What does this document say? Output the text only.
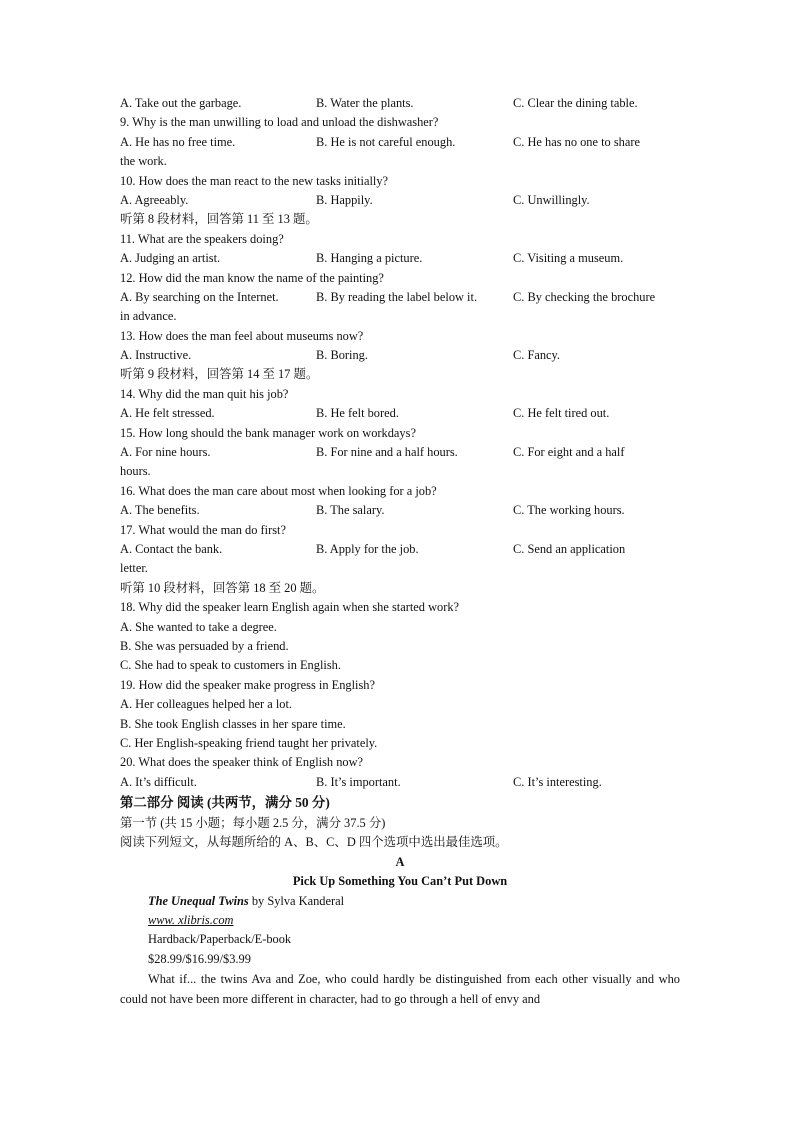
A. Take out the garbage.	B. Water the plants.	C. Clear the dining table.
9. Why is the man unwilling to load and unload the dishwasher?
A. He has no free time.	B. He is not careful enough.	C. He has no one to share
the work.
10. How does the man react to the new tasks initially?
A. Agreeably.	B. Happily.	C. Unwillingly.
听第 8 段材料，回答第 11 至 13 题。
11. What are the speakers doing?
A. Judging an artist.	B. Hanging a picture.	C. Visiting a museum.
12. How did the man know the name of the painting?
A. By searching on the Internet.	B. By reading the label below it.	C. By checking the brochure
in advance.
13. How does the man feel about museums now?
A. Instructive.	B. Boring.	C. Fancy.
听第 9 段材料，回答第 14 至 17 题。
14. Why did the man quit his job?
A. He felt stressed.	B. He felt bored.	C. He felt tired out.
15. How long should the bank manager work on workdays?
A. For nine hours.	B. For nine and a half hours.	C. For eight and a half
hours.
16. What does the man care about most when looking for a job?
A. The benefits.	B. The salary.	C. The working hours.
17. What would the man do first?
A. Contact the bank.	B. Apply for the job.	C. Send an application
letter.
听第 10 段材料，回答第 18 至 20 题。
18. Why did the speaker learn English again when she started work?
A. She wanted to take a degree.
B. She was persuaded by a friend.
C. She had to speak to customers in English.
19. How did the speaker make progress in English?
A. Her colleagues helped her a lot.
B. She took English classes in her spare time.
C. Her English-speaking friend taught her privately.
20. What does the speaker think of English now?
A. It’s difficult.	B. It’s important.	C. It’s interesting.
第二部分 阅读 (共两节，满分 50 分)
第一节 (共 15 小题；每小题 2.5 分，满分 37.5 分)
阅读下列短文，从每题所给的 A、B、C、D 四个选项中选出最佳选项。
A
Pick Up Something You Can’t Put Down
The Unequal Twins by Sylva Kanderal
www. xlibris.com
Hardback/Paperback/E-book
$28.99/$16.99/$3.99
What if... the twins Ava and Zoe, who could hardly be distinguished from each other visually and who could not have been more different in character, had to go through a hell of envy and
